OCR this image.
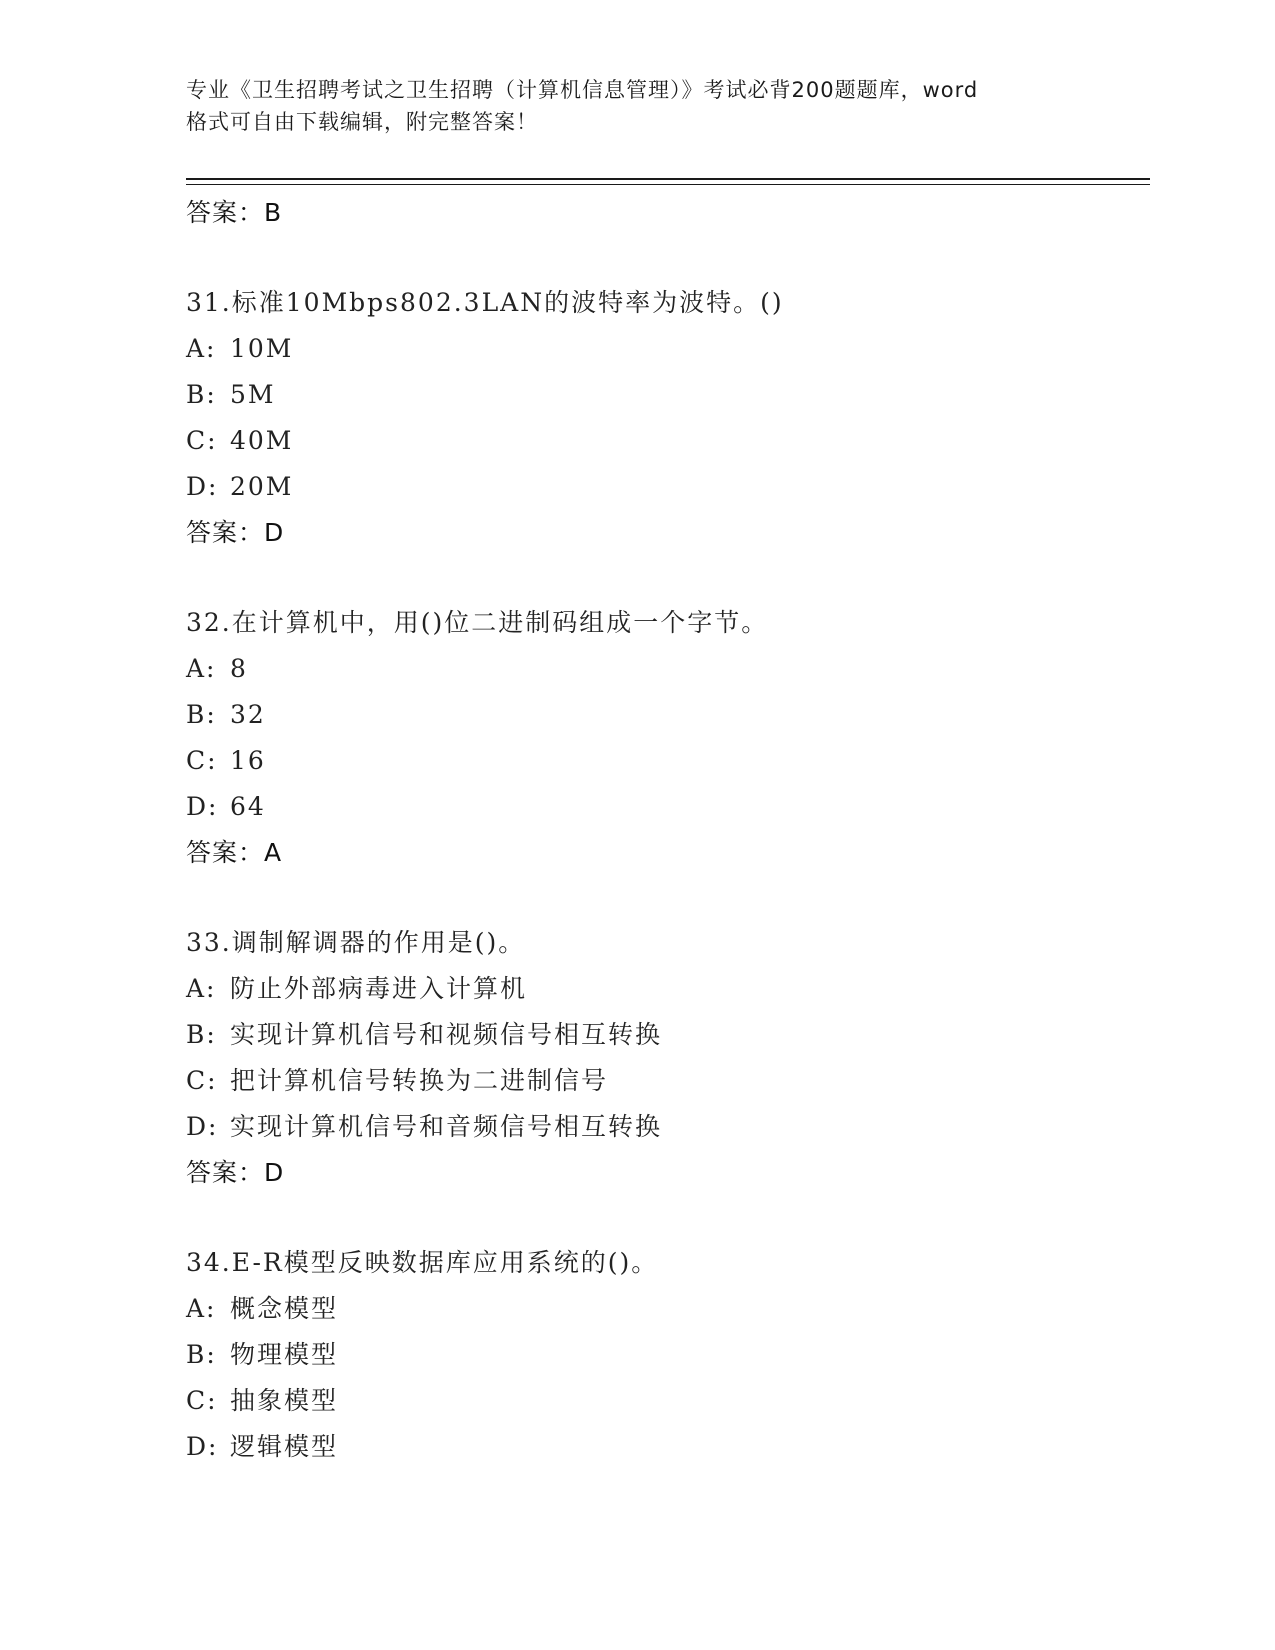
专业《卫生招聘考试之卫生招聘（计算机信息管理）》考试必背200题题库，word
格式可自由下载编辑，附完整答案！
答案：B
31.标准10Mbps802.3LAN的波特率为波特。()
A: 10M
B: 5M
C: 40M
D: 20M
答案：D
32.在计算机中，用()位二进制码组成一个字节。
A: 8
B: 32
C: 16
D: 64
答案：A
33.调制解调器的作用是()。
A: 防止外部病毒进入计算机
B: 实现计算机信号和视频信号相互转换
C: 把计算机信号转换为二进制信号
D: 实现计算机信号和音频信号相互转换
答案：D
34.E-R模型反映数据库应用系统的()。
A: 概念模型
B: 物理模型
C: 抽象模型
D: 逻辑模型
